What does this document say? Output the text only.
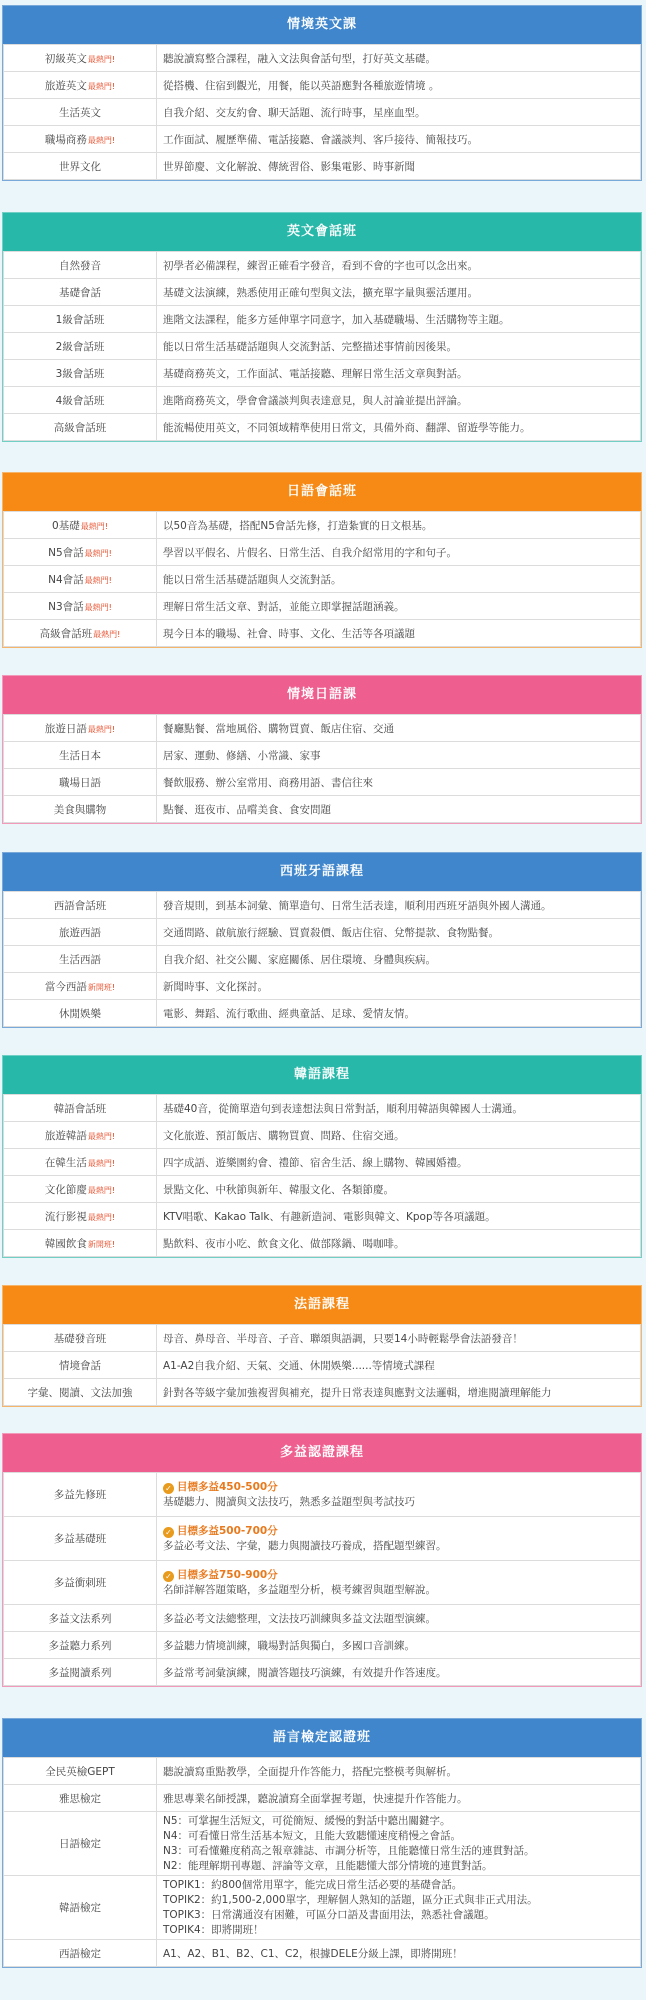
情境英文課
初級英文最熱門!	聽說讀寫整合課程，融入文法與會話句型，打好英文基礎。
旅遊英文最熱門!	從搭機、住宿到觀光，用餐，能以英語應對各種旅遊情境 。
生活英文	自我介紹、交友約會、聊天話題、流行時事，星座血型。
職場商務最熱門!	工作面試、履歷準備、電話接聽、會議談判、客戶接待、簡報技巧。
世界文化	世界節慶、文化解說、傳統習俗、影集電影、時事新聞
英文會話班
自然發音	初學者必備課程，練習正確看字發音，看到不會的字也可以念出來。
基礎會話	基礎文法演練，熟悉使用正確句型與文法，擴充單字量與靈活運用。
1級會話班	進階文法課程，能多方延伸單字同意字，加入基礎職場、生活購物等主題。
2級會話班	能以日常生活基礎話題與人交流對話、完整描述事情前因後果。
3級會話班	基礎商務英文，工作面試、電話接聽、理解日常生活文章與對話。
4級會話班	進階商務英文，學會會議談判與表達意見，與人討論並提出評論。
高級會話班	能流暢使用英文，不同領域精準使用日常文，具備外商、翻譯、留遊學等能力。
日語會話班
0基礎最熱門!	以50音為基礎，搭配N5會話先修，打造紮實的日文根基。
N5會話最熱門!	學習以平假名、片假名、日常生活、自我介紹常用的字和句子。
N4會話最熱門!	能以日常生活基礎話題與人交流對話。
N3會話最熱門!	理解日常生活文章、對話，並能立即掌握話題涵義。
高級會話班最熱門!	現今日本的職場、社會、時事、文化、生活等各項議題
情境日語課
旅遊日語最熱門!	餐廳點餐、當地風俗、購物買賣、飯店住宿、交通
生活日本	居家、運動、修繕、小常識、家事
職場日語	餐飲服務、辦公室常用、商務用語、書信往來
美食與購物	點餐、逛夜市、品嚐美食、食安問題
西班牙語課程
西語會話班	發音規則，到基本詞彙、簡單造句、日常生活表達，順利用西班牙語與外國人溝通。
旅遊西語	交通問路、啟航旅行經驗、買賣殺價、飯店住宿、兌幣提款、食物點餐。
生活西語	自我介紹、社交公關、家庭關係、居住環境、身體與疾病。
當今西語新開班!	新聞時事、文化探討。
休閒娛樂	電影、舞蹈、流行歌曲、經典童話、足球、愛情友情。
韓語課程
韓語會話班	基礎40音，從簡單造句到表達想法與日常對話，順利用韓語與韓國人士溝通。
旅遊韓語最熱門!	文化旅遊、預訂飯店、購物買賣、問路、住宿交通。
在韓生活最熱門!	四字成語、遊樂園約會、禮節、宿舍生活、線上購物、韓國婚禮。
文化節慶最熱門!	景點文化、中秋節與新年、韓服文化、各類節慶。
流行影視最熱門!	KTV唱歌、Kakao Talk、有趣新造詞、電影與韓文、Kpop等各項議題。
韓國飲食新開班!	點飲料、夜市小吃、飲食文化、做部隊鍋、喝咖啡。
法語課程
基礎發音班	母音、鼻母音、半母音、子音、聯頌與語調，只要14小時輕鬆學會法語發音！
情境會話	A1-A2自我介紹、天氣、交通、休閒娛樂......等情境式課程
字彙、閱讀、文法加強	針對各等級字彙加強複習與補充，提升日常表達與應對文法邏輯，增進閱讀理解能力
多益認證課程
多益先修班	✓ 目標多益450-500分
基礎聽力、閱讀與文法技巧，熟悉多益題型與考試技巧

多益基礎班	✓ 目標多益500-700分
多益必考文法、字彙，聽力與閱讀技巧養成，搭配題型練習。

多益衝刺班	✓ 目標多益750-900分
名師詳解答題策略，多益題型分析，模考練習與題型解說。

多益文法系列	多益必考文法總整理，文法技巧訓練與多益文法題型演練。
多益聽力系列	多益聽力情境訓練，職場對話與獨白，多國口音訓練。
多益閱讀系列	多益常考詞彙演練，閱讀答題技巧演練，有效提升作答速度。
語言檢定認證班
全民英檢GEPT	聽說讀寫重點教學，全面提升作答能力，搭配完整模考與解析。
雅思檢定	雅思專業名師授課，聽說讀寫全面掌握考題，快速提升作答能力。
日語檢定	N5：可掌握生活短文，可從簡短、緩慢的對話中聽出關鍵字。
N4：可看懂日常生活基本短文，且能大致聽懂速度稍慢之會話。
N3：可看懂難度稍高之報章雜誌、市調分析等，且能聽懂日常生活的連貫對話。
N2：能理解期刊專題、評論等文章，且能聽懂大部分情境的連貫對話。

韓語檢定	TOPIK1：約800個常用單字，能完成日常生活必要的基礎會話。
TOPIK2：約1,500-2,000單字，理解個人熟知的話題，區分正式與非正式用法。
TOPIK3：日常溝通沒有困難，可區分口語及書面用法，熟悉社會議題。
TOPIK4：即將開班！

西語檢定	A1、A2、B1、B2、C1、C2，根據DELE分級上課，即將開班！
